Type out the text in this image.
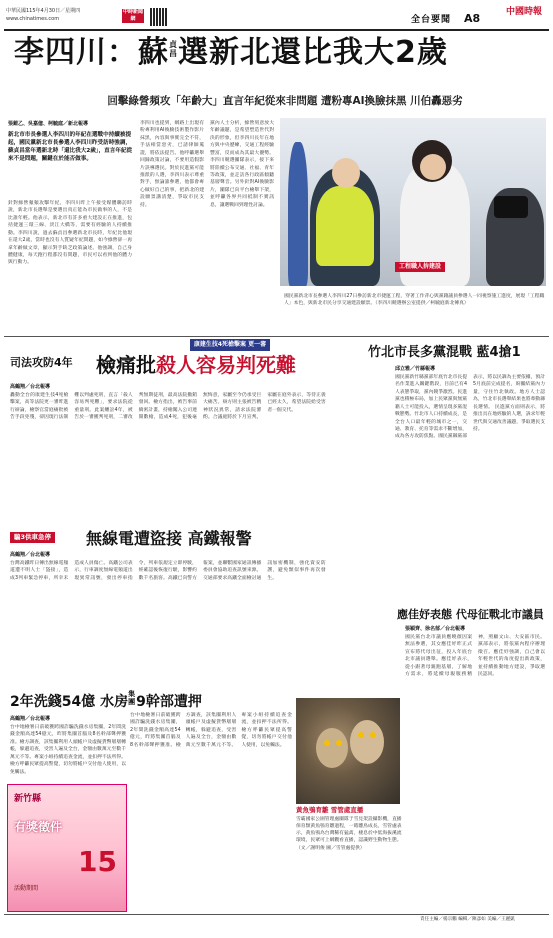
中華民國115年4月30日／星期四
www.chinatimes.com
中時新聞網	全台要聞 A8	中國時報
李四川：蘇貞昌選新北還比我大2歲
回擊綠營頻攻「年齡大」直言年紀從來非問題 遭粉專AI換臉抹黑 川伯轟惡劣
張鎧乙、吳嘉億、柯毓庭／新北報導
新北市市長參選人李四川的年紀在選戰中持續被提起，國民黨新北市長參選人李四川昨受訪時強調，蘇貞昌當年選新北時「還比我大2歲」，直言年紀從來不是問題，關鍵在於能否做事。
針對綠營頻頻攻擊年紀，李四川昨上午接受媒體聯訪時說，新北市長選舉是要選出真正能為市民做事的人，不是比誰年輕。他表示，新北市有許多重大建設正在推進，包括捷運三環三線、淡江大橋等，需要有經驗的人持續推動。李四川說，過去蘇貞昌參選新北市長時，年紀比他現在還大2歲，當時也沒有人質疑年紀問題，如今綠營卻一再拿年齡做文章，顯示對手缺乏政策論述。他強調，自己身體健康，每天跑行程都沒有問題，市民可以看到他的體力與行動力。
李四川也提到，網路上出現有粉專利用AI換臉技術製作影片抹黑，內容與事實完全不符，手法相當惡劣，已請律師蒐證，將依法提告。他呼籲選舉回歸政策討論，不要用造假影片誤導選民。對於民進黨可能推派的人選，李四川表示尊重對手，無論誰參選，他都會專心做好自己的事，把新北的建設願景講清楚，爭取市民支持。
黨內人士分析，綠營刻意放大年齡議題，是希望塑造世代對決的形象，但李四川長年在地方與中央歷練，交通工程經驗豐富，反而成為其最大優勢。李四川競選團隊表示，接下來將陸續公布交通、社福、青年等政策，並走訪各行政區傾聽基層聲音。另外針對AI換臉影片，團隊已向平台檢舉下架，並呼籲各界共同抵制不實訊息，讓選戰回到理性討論。
工程職人拚建設
國民黨新北市長參選人李四川27日參訪新北市捷運工程，穿著工作背心與黨籍議員參選人一同視察施工進度，展現「工程職人」本色，與新北市民分享交通建設願景。（李四川競選辦公室提供／柯毓庭新北傳真）
康建生技4死槍擊案 更一審
司法攻防4年 檢痛批殺人容易判死難
高鶴翔／台北報導
轟動全台的康建生技4死槍擊案，高等法院更一審昨進行辯論，檢察官當庭痛批被告手段兇殘，卻因現行法制難以判處死刑，直言「殺人容易判死難」，要求法院從重量刑。此案纏訟4年，被告於一審獲判死刑，二審改判無期徒刑，最高法院撤銷發回。檢方指出，被告事前縝密計畫，持槍闖入公司連開數槍，造成4死，犯後毫無悔意，家屬至今仍承受巨大痛苦。辯方則主張被告精神狀況異常，請求法院審酌。合議庭將於下月宣判。家屬在庭外表示，等待正義已經太久，希望法院給受害者一個交代。
竹北市長多黨混戰 藍4搶1
邱立雅／竹縣報導
國民黨新竹縣黨部年底竹北市長提名作業進入關鍵階段，目前已有4人表態爭取，黨內競爭激烈。民進黨也積極布局，加上民眾黨與無黨籍人士可能投入，選情呈現多黨混戰態勢。竹北市人口持續成長，是全台人口最年輕的城市之一，交通、教育、托育等需求不斷增加，成為各方攻防焦點。國民黨縣黨部表示，將以民調為主要依據，預計5月底前完成提名，盼團結黨內力量，守住竹北執政。地方人士認為，竹北市長選舉結果也將牽動縣長選情。 民進黨方面則表示，將推出具在地經驗的人選，訴求年輕世代與交通改善議題，爭取選民支持。
騙3供車急停 無線電遭盜接 高鐵報警
高鶴翔／台北報導
台灣高鐵昨日傳出無線電頻道遭不明人士「盜接」，造成3列車緊急停車，所幸未造成人員傷亡。高鐵公司表示，行車調度無線電頻道出現異常訊號，發出停車指令，列車依規定立即停駛，經確認後恢復行駛，影響約數千名旅客。高鐵已向警方報案，並聯繫國家通訊傳播委員會協助追查訊號來源。交通部要求高鐵全面檢討通訊加密機制，強化資安防護，避免類似事件再次發生。
應佳妤表態 代母征戰北市議員
張穎齊、徐名郁／台北報導
國民黨台北市議員應曉薇因案無法參選，其女應佳妤昨正式宣布將代母出征，投入年底台北市議員選舉。應佳妤表示，從小跟著母親跑基層，了解地方需求，將延續母親服務精神，照顧文山、大安區市民。黨部表示，將依黨內程序辦理徵召。應佳妤強調，自己會以年輕世代的角度提出新政策，並持續推動地方建設，爭取選民認同。
2年洗錢54億 水房集團9幹部遭押
高鶴翔／台北報導
台中地檢署日前破獲跨國詐騙洗錢水房集團，2年間洗錢金額高達54億元，昨將集團首腦及8名幹部聲押獲准。檢方調查，該集團利用人頭帳戶及虛擬貨幣層層轉帳，躲避追查，受害人遍及全台，金額由數萬元至數千萬元不等。專案小組持續追查金流，並扣押不法所得。檢方呼籲民眾提高警覺，切勿將帳戶交付他人使用，以免觸法。
台中地檢署日前破獲跨國詐騙洗錢水房集團，2年間洗錢金額高達54億元，昨將集團首腦及8名幹部聲押獲准。檢方調查，該集團利用人頭帳戶及虛擬貨幣層層轉帳，躲避追查，受害人遍及全台，金額由數萬元至數千萬元不等。專案小組持續追查金流，並扣押不法所得。檢方呼籲民眾提高警覺，切勿將帳戶交付他人使用，以免觸法。
新竹縣
有獎徵件
15
活動期間
黃魚鴞育雛 雪管處直播
雪霸國家公園管理處團隊于雪見架設攝影機，直播保育類黃魚鴞育雛過程，一睹雛鳥成長。雪管處表示，黃魚鴞為台灣稀有猛禽，棲息於中低海拔溪流環境，民眾可上網觀看直播，認識野生動物生態。（文／謝明俊 圖／雪管處提供）
責任主編／楊宗鵬 編輯／陳彥如 美編／王麗凱
